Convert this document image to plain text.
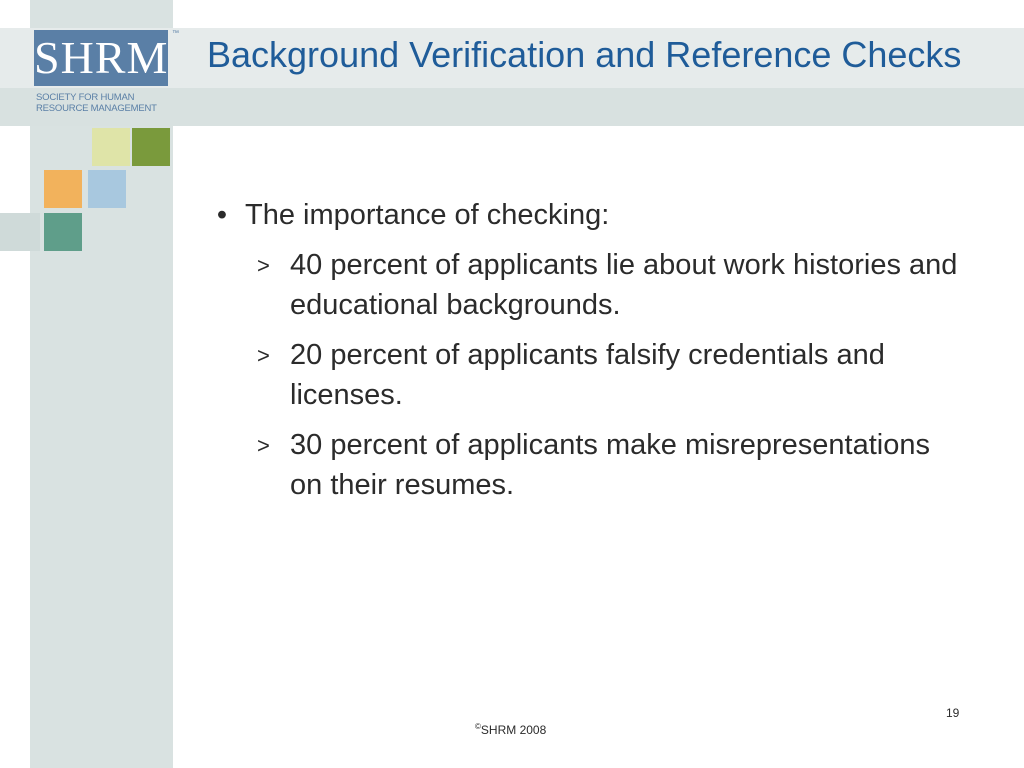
SHRM
SOCIETY FOR HUMAN
RESOURCE MANAGEMENT
™
Background Verification and Reference Checks
• The importance of checking:
> 40 percent of applicants lie about work histories and educational backgrounds.
> 20 percent of applicants falsify credentials and licenses.
> 30 percent of applicants make misrepresentations on their resumes.
19
©SHRM 2008
